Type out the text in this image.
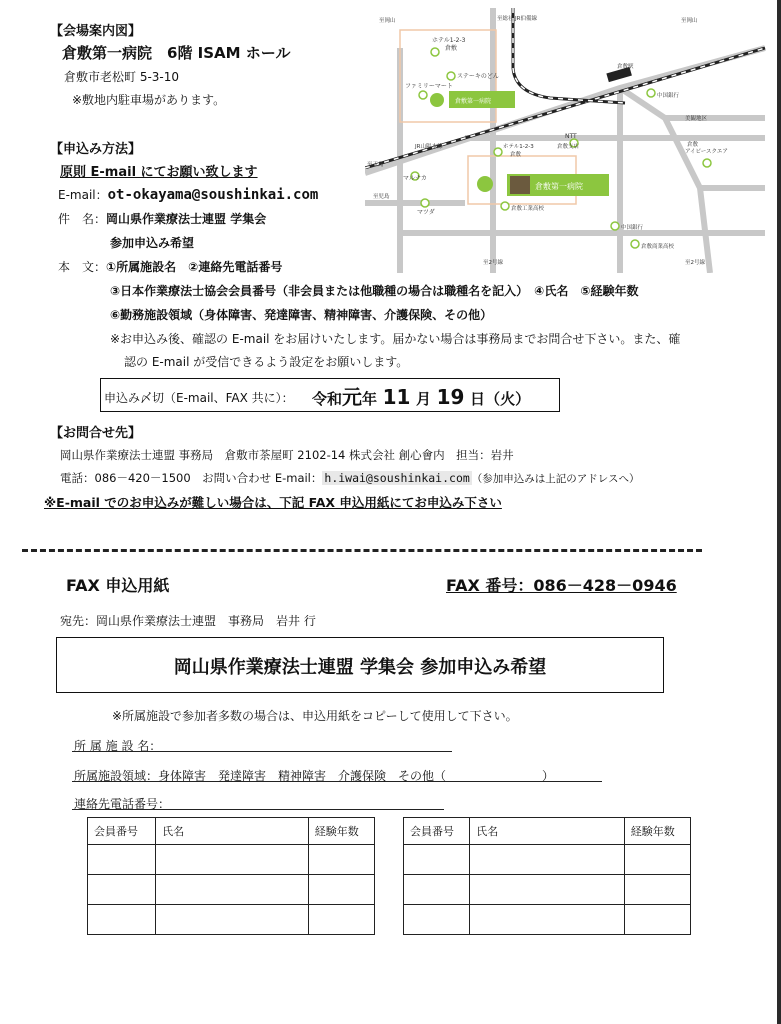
【会場案内図】
倉敷第一病院　6階 ISAM ホール
倉敷市老松町 5-3-10
※敷地内駐車場があります。
ホテル1-2-3
倉敷
ファミリーマート
ステーキのどん
倉敷第一病院
ホテル1-2-3
倉敷
NTT
倉敷支店
マルナカ
倉敷第一病院
マツダ	倉敷工業高校
中国銀行
美観地区
倉敷
アイビースクエア
中国銀行
倉敷商業高校
至2号線	至2号線
JR伯備線
至総社
至岡山
至玉島
至児島
JR山陽本線
倉敷駅
至岡山
【申込み方法】
原則 E-mail にてお願い致します
E-mail：ot-okayama@soushinkai.com
件　名：岡山県作業療法士連盟 学集会
参加申込み希望
本　文：①所属施設名　②連絡先電話番号
③日本作業療法士協会会員番号（非会員または他職種の場合は職種名を記入）　④氏名　⑤経験年数
⑥勤務施設領域（身体障害、発達障害、精神障害、介護保険、その他）
※お申込み後、確認の E-mail をお届けいたします。届かない場合は事務局までお問合せ下さい。また、確
認の E-mail が受信できるよう設定をお願いします。
申込み〆切（E-mail、FAX 共に）： 令和元年 11 月 19 日（火）
【お問合せ先】
岡山県作業療法士連盟 事務局　倉敷市茶屋町 2102-14 株式会社 創心會内　担当：岩井
電話：086－420－1500　お問い合わせ E-mail： h.iwai@soushinkai.com （参加申込みは上記のアドレスへ）
※E-mail でのお申込みが難しい場合は、下記 FAX 申込用紙にてお申込み下さい
FAX 申込用紙	FAX 番号：086－428－0946
宛先：岡山県作業療法士連盟　事務局　岩井 行
岡山県作業療法士連盟 学集会 参加申込み希望
※所属施設で参加者多数の場合は、申込用紙をコピーして使用して下さい。
所 属 施 設 名：
所属施設領域：身体障害　発達障害　精神障害　介護保険　その他（　　　　　　　　）
連絡先電話番号：
会員番号	氏名	経験年数

			会員番号	氏名	経験年数
